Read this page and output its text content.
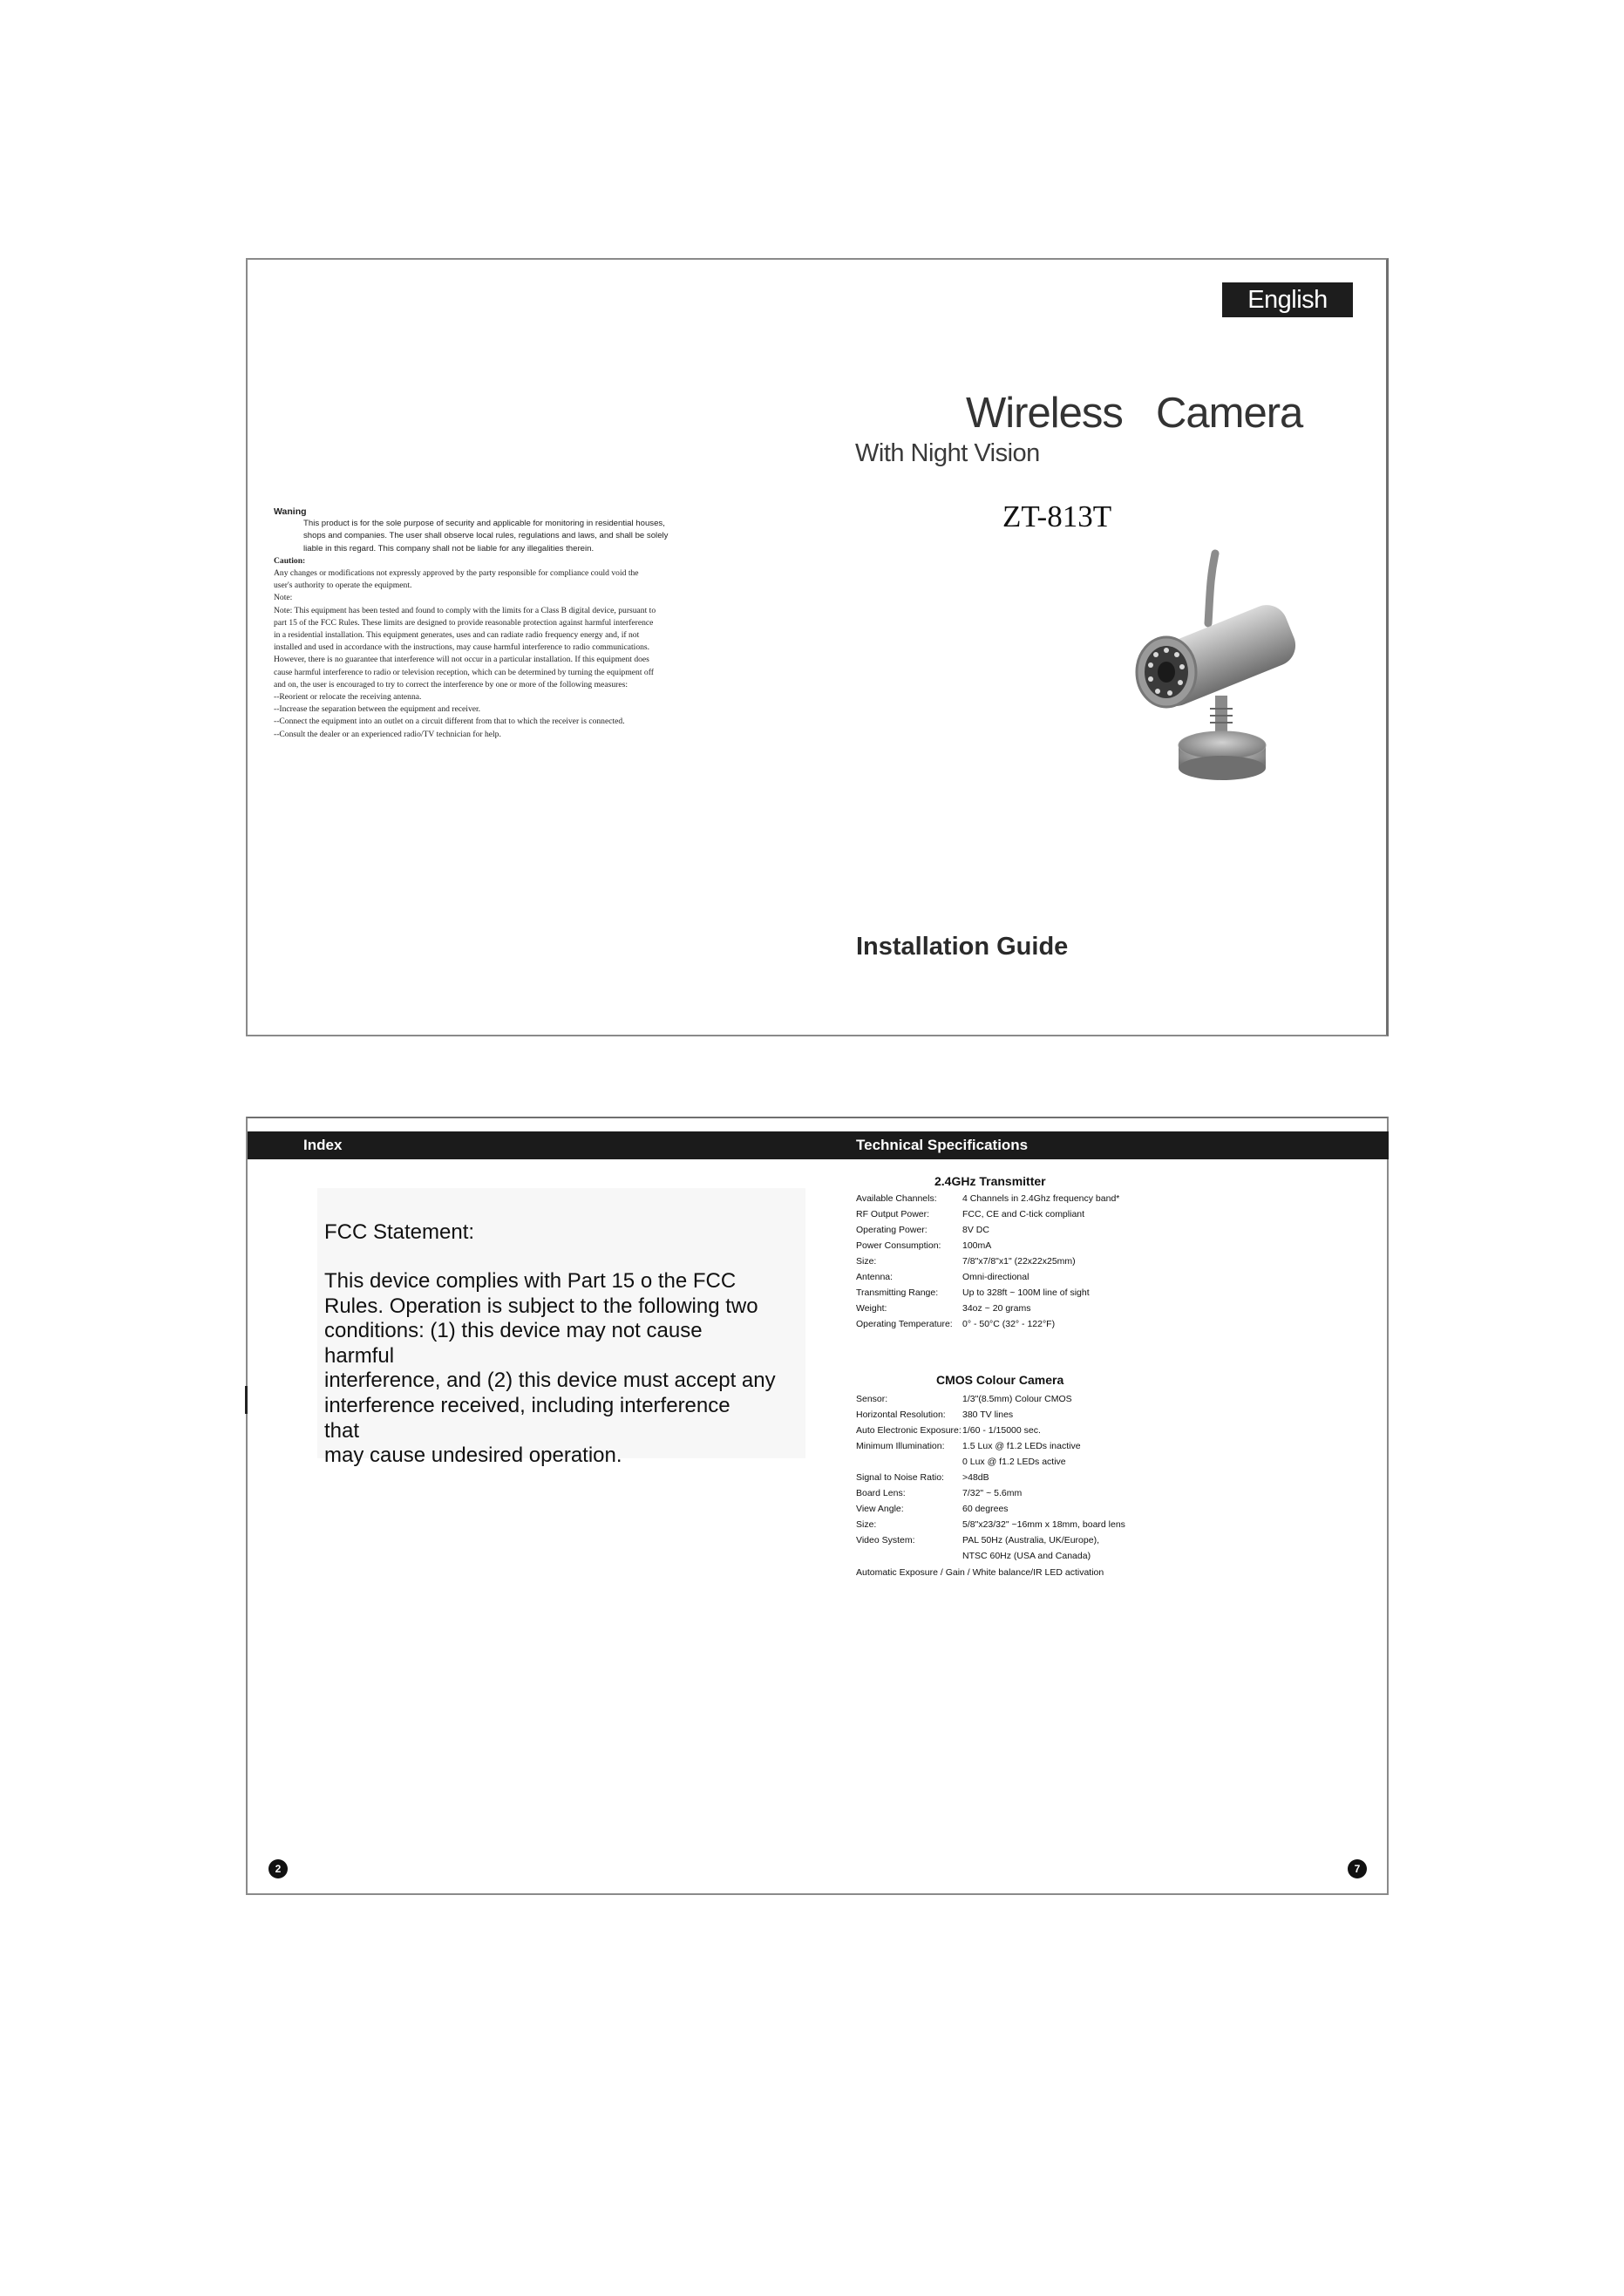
English
Wireless Camera
With Night Vision
ZT-813T
Installation Guide

Waning

This product is for the sole purpose of security and applicable for monitoring in residential houses,

shops and companies. The user shall observe local rules, regulations and laws, and shall be solely

liable in this regard. This company shall not be liable for any illegalities therein.

Caution:

Any changes or modifications not expressly approved by the party responsible for compliance could void the

user's authority to operate the equipment.

Note:

Note: This equipment has been tested and found to comply with the limits for a Class B digital device, pursuant to

part 15 of the FCC Rules. These limits are designed to provide reasonable protection against harmful interference

in a residential installation. This equipment generates, uses and can radiate radio frequency energy and, if not

installed and used in accordance with the instructions, may cause harmful interference to radio communications.

However, there is no guarantee that interference will not occur in a particular installation. If this equipment does

cause harmful interference to radio or television reception, which can be determined by turning the equipment off

and on, the user is encouraged to try to correct the interference by one or more of the following measures:

--Reorient or relocate the receiving antenna.

--Increase the separation between the equipment and receiver.

--Connect the equipment into an outlet on a circuit different from that to which the receiver is connected.

--Consult the dealer or an experienced radio/TV technician for help.

Index	Technical Specifications
FCC Statement:
This device complies with Part 15 o the FCC
Rules. Operation is subject to the following two
conditions: (1) this device may not cause
harmful
interference, and (2) this device must accept any
interference received, including interference
that
may cause undesired operation.
2.4GHz Transmitter
Available Channels:	4 Channels in 2.4Ghz frequency band*
RF Output Power:	FCC, CE and C-tick compliant
Operating Power:	8V DC
Power Consumption: 100mA
Size:	7/8"x7/8"x1" (22x22x25mm)
Antenna:	Omni-directional
Transmitting Range:	Up to 328ft ~ 100M line of sight
Weight:	34oz ~ 20 grams
Operating Temperature: 0° - 50°C (32° - 122°F)
CMOS Colour Camera
Sensor:	1/3"(8.5mm) Colour CMOS
Horizontal Resolution: 380 TV lines
Auto Electronic Exposure:1/60 - 1/15000 sec.
Minimum Illumination: 1.5 Lux @ f1.2 LEDs inactive
0 Lux @ f1.2 LEDs active
Signal to Noise Ratio: >48dB
Board Lens:	7/32" ~ 5.6mm
View Angle:	60 degrees
Size:	5/8"x23/32" ~16mm x 18mm, board lens
Video System:	PAL 50Hz (Australia, UK/Europe),
NTSC 60Hz (USA and Canada)
Automatic Exposure / Gain / White balance/IR LED activation
2	7
